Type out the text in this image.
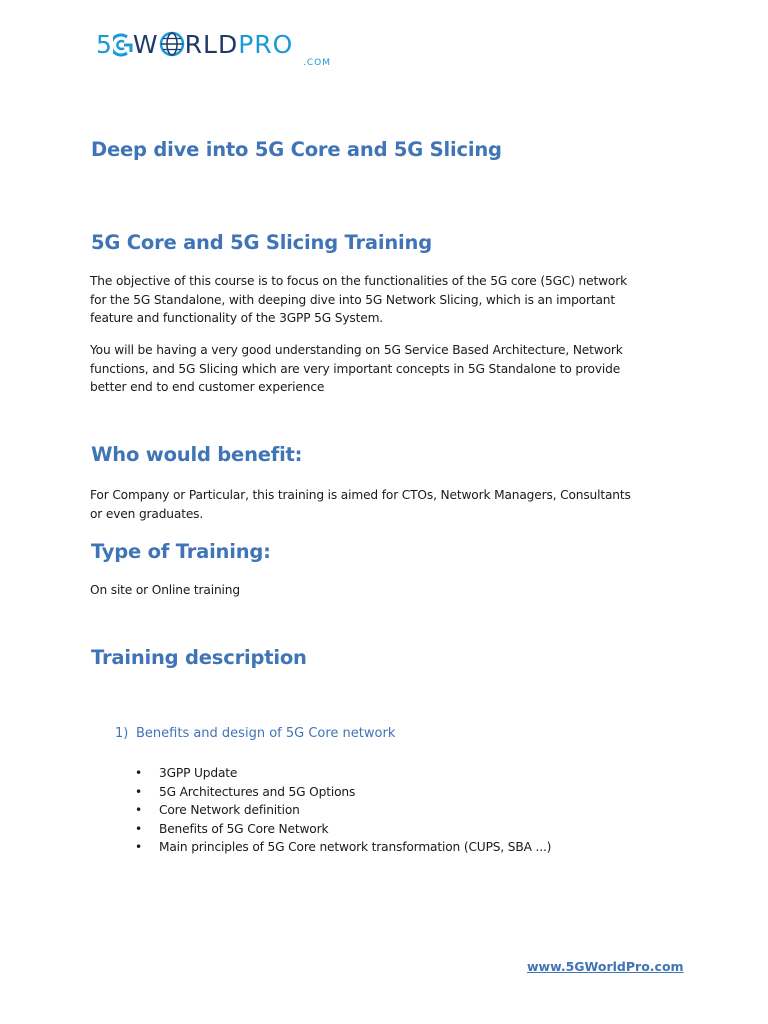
5 W RLDPRO
.COM
Deep dive into 5G Core and 5G Slicing
5G Core and 5G Slicing Training
The objective of this course is to focus on the functionalities of the 5G core (5GC) network
for the 5G Standalone, with deeping dive into 5G Network Slicing, which is an important
feature and functionality of the 3GPP 5G System.
You will be having a very good understanding on 5G Service Based Architecture, Network
functions, and 5G Slicing which are very important concepts in 5G Standalone to provide
better end to end customer experience
Who would benefit:
For Company or Particular, this training is aimed for CTOs, Network Managers, Consultants
or even graduates.
Type of Training:
On site or Online training
Training description
1) Benefits and design of 5G Core network
• 3GPP Update
• 5G Architectures and 5G Options
• Core Network definition
• Benefits of 5G Core Network
• Main principles of 5G Core network transformation (CUPS, SBA ...)
www.5GWorldPro.com
